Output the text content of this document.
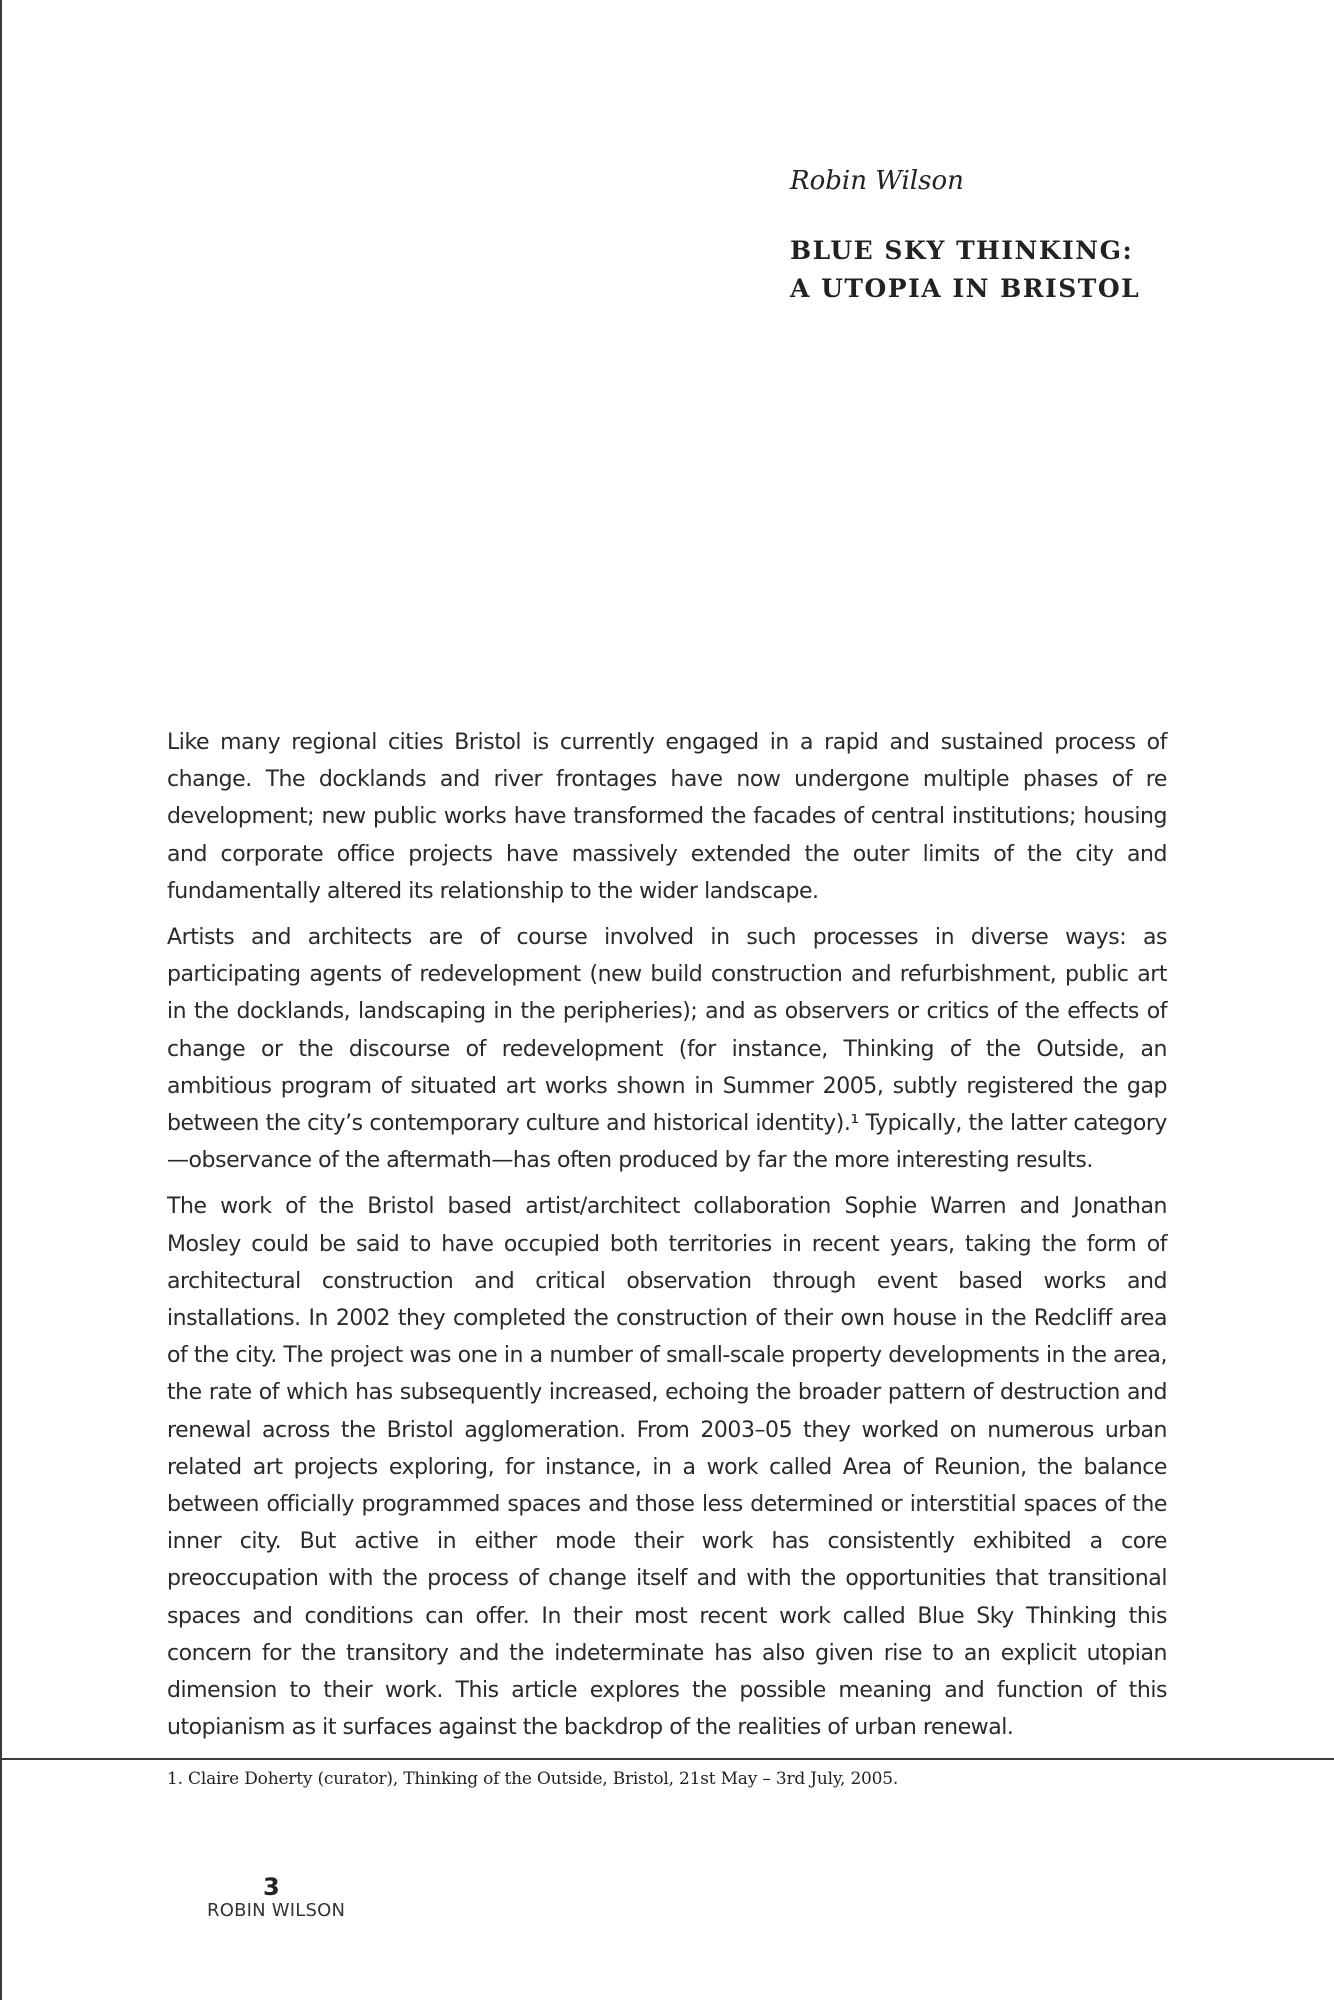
Robin Wilson
BLUE SKY THINKING:
A UTOPIA IN BRISTOL

Like many regional cities Bristol is currently engaged in a rapid and sustained process of change. The docklands and river frontages have now undergone multiple phases of re development; new public works have transformed the facades of central institutions; housing and corporate office projects have massively extended the outer limits of the city and fundamentally altered its relationship to the wider landscape.

Artists and architects are of course involved in such processes in diverse ways: as participating agents of redevelopment (new build construction and refurbishment, public art in the docklands, landscaping in the peripheries); and as observers or critics of the effects of change or the discourse of redevelopment (for instance, Thinking of the Outside, an ambitious program of situated art works shown in Summer 2005, subtly registered the gap between the city’s contemporary culture and historical identity).¹ Typically, the latter category—observance of the aftermath—has often produced by far the more interesting results.

The work of the Bristol based artist/architect collaboration Sophie Warren and Jonathan Mosley could be said to have occupied both territories in recent years, taking the form of architectural construction and critical observation through event based works and installations. In 2002 they completed the construction of their own house in the Redcliff area of the city. The project was one in a number of small-scale property developments in the area, the rate of which has subsequently increased, echoing the broader pattern of destruction and renewal across the Bristol agglomeration. From 2003–05 they worked on numerous urban related art projects exploring, for instance, in a work called Area of Reunion, the balance between officially programmed spaces and those less determined or interstitial spaces of the inner city. But active in either mode their work has consistently exhibited a core preoccupation with the process of change itself and with the opportunities that transitional spaces and conditions can offer. In their most recent work called Blue Sky Thinking this concern for the transitory and the indeterminate has also given rise to an explicit utopian dimension to their work. This article explores the possible meaning and function of this utopianism as it surfaces against the backdrop of the realities of urban renewal.

1. Claire Doherty (curator), Thinking of the Outside, Bristol, 21st May – 3rd July, 2005.
3
ROBIN WILSON
